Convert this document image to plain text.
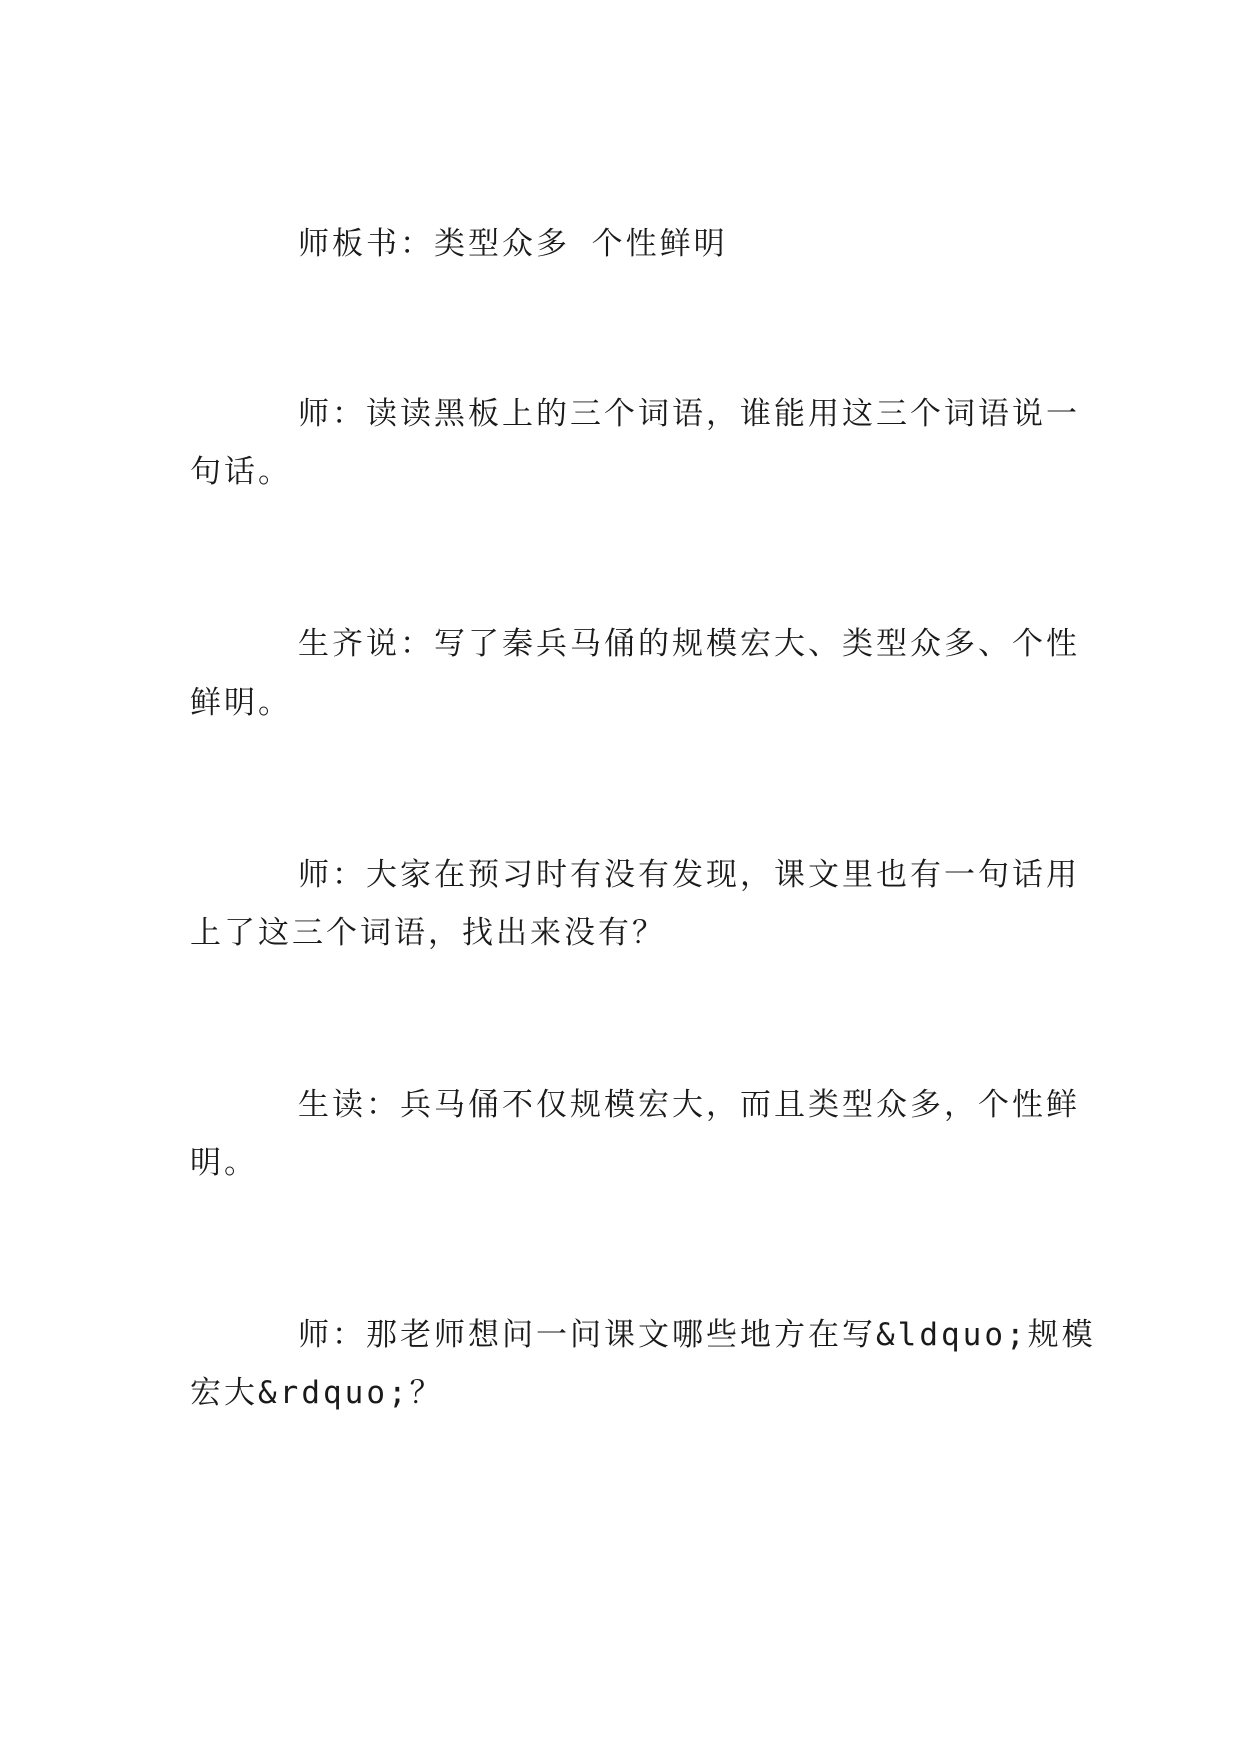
师板书：类型众多 个性鲜明

师：读读黑板上的三个词语，谁能用这三个词语说一

句话。

生齐说：写了秦兵马俑的规模宏大、类型众多、个性

鲜明。

师：大家在预习时有没有发现，课文里也有一句话用

上了这三个词语，找出来没有？

生读：兵马俑不仅规模宏大，而且类型众多，个性鲜

明。

师：那老师想问一问课文哪些地方在写&ldquo;规模

宏大&rdquo;？
